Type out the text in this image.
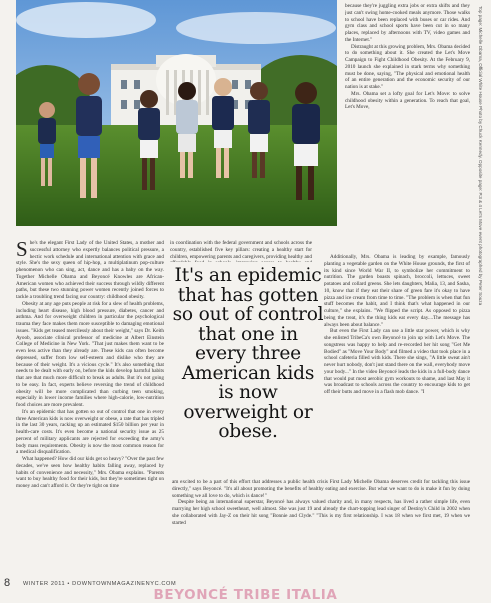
because they're juggling extra jobs or extra shifts and they just can't swing home-cooked meals anymore. Those walks to school have been replaced with buses or car rides. And gym class and school sports have been cut in so many places, replaced by afternoons with TV, video games and the Internet."

Distraught at this growing problem, Mrs. Obama decided to do something about it. She created the Let's Move Campaign to Fight Childhood Obesity. At the February 9, 2010 launch she explained in stark terms why something must be done, saying, "The physical and emotional health of an entire generation and the economic security of our nation is at stake."

Mrs. Obama set a lofty goal for Let's Move: to solve childhood obesity within a generation. To reach that goal, Let's Move,

She's the elegant First Lady of the United States, a mother and successful attorney who expertly balances political pressure, a hectic work schedule and international attention with grace and style. She's the sexy queen of hip-hop, a multiplatinum pop-culture phenomenon who can sing, act, dance and has a baby on the way. Together Michelle Obama and Beyoncé Knowles are African-American women who achieved their success through wildly different paths, but these two stunning power women recently joined forces to tackle a troubling trend facing our country: childhood obesity.

Obesity at any age puts people at risk for a slew of health problems, including heart disease, high blood pressure, diabetes, cancer and asthma. And for overweight children in particular the psychological trauma they face makes them more susceptible to damaging emotional issues. "Kids get teased mercilessly about their weight," says Dr. Keith Ayoob, associate clinical professor of medicine at Albert Einstein College of Medicine in New York. "That just makes them want to be even less active than they already are. These kids can often become depressed, suffer from low self-esteem and dislike who they are because of their weight. It's a vicious cycle." It's also something that needs to be dealt with early on, before the kids develop harmful habits that are that much more difficult to break as adults. But it's not going to be easy. In fact, experts believe reversing the trend of childhood obesity will be more complicated than curbing teen smoking, especially in lower income families where high-calorie, low-nutrition food choices are more prevalent.

It's an epidemic that has gotten so out of control that one in every three American kids is now overweight or obese, a rate that has tripled in the last 30 years, racking up an estimated $150 billion per year in health-care costs. It's even become a national security issue as 25 percent of military applicants are rejected for exceeding the army's body mass requirements. Obesity is now the most common reason for a medical disqualification.

What happened? How did our kids get so heavy? "Over the past few decades, we've seen how healthy habits falling away, replaced by habits of convenience and necessity," Mrs. Obama explains. "Parents want to buy healthy food for their kids, but they're sometimes tight on money and can't afford it. Or they're tight on time

in coordination with the federal government and schools across the country, established five key pillars: creating a healthy start for children, empowering parents and caregivers, providing healthy and	Additionally, Mrs. Obama is leading by example, famously planting a vegetable garden on the White House grounds, the first of its kind since World War II, to symbolize her commitment to nutrition. The garden boasts spinach, broccoli, lettuces, sweet potatoes and collard greens. She lets daughters, Malia, 13, and Sasha, 10, know that if they eat their share of green fare it's okay to have pizza and ice cream from time to time. "The problem is when that fun stuff becomes the habit, and I think that's what happened in our culture," she explains. "We flipped the script. As opposed to pizza being the treat, it's the thing kids eat every day....The message has always been about balance."

But even the First Lady can use a little star power, which is why she enlisted TribeCa's own Beyoncé to join up with Let's Move. The songstress was happy to help and re-recorded her hit song "Get Me Bodied" as "Move Your Body" and filmed a video that took place in a school cafeteria filled with kids. There she sings, "A little sweat ain't never hurt nobody, don't just stand there on the wall, everybody move your body..." In the video Beyoncé leads the kids in a full-body dance that would put most aerobic gym workouts to shame, and last May it was broadcast to schools across the country to encourage kids to get off their butts and move in a flash mob dance. "I

It's an epidemic that has gotten so out of control that one in every three American kids is now overweight or obese.

am excited to be a part of this effort that addresses a public health crisis First Lady Michelle Obama deserves credit for tackling this issue directly," says Beyoncé. "It's all about promoting the benefits of healthy eating and exercise. But what we want to do is make it fun by doing something we all love to do, which is dance!"

Despite being an international superstar, Beyoncé has always valued charity and, in many respects, has lived a rather simple life, even marrying her high school sweetheart, well almost. She was just 19 and already the chart-topping lead singer of Destiny's Child in 2002 when she collaborated with Jay-Z on their hit song "Bonnie and Clyde." "This is my first relationship. I was 18 when we first met, 19 when we started

Top page: Michelle Obama, Official White House Photo by Chuck Kennedy. Opposite page: P.3 & 4 Let's Move event photographed by Peter Souza
8 WINTER 2011 • DOWNTOWNMAGAZINENYC.COM
BEYONCÉ TRIBE ITALIA
